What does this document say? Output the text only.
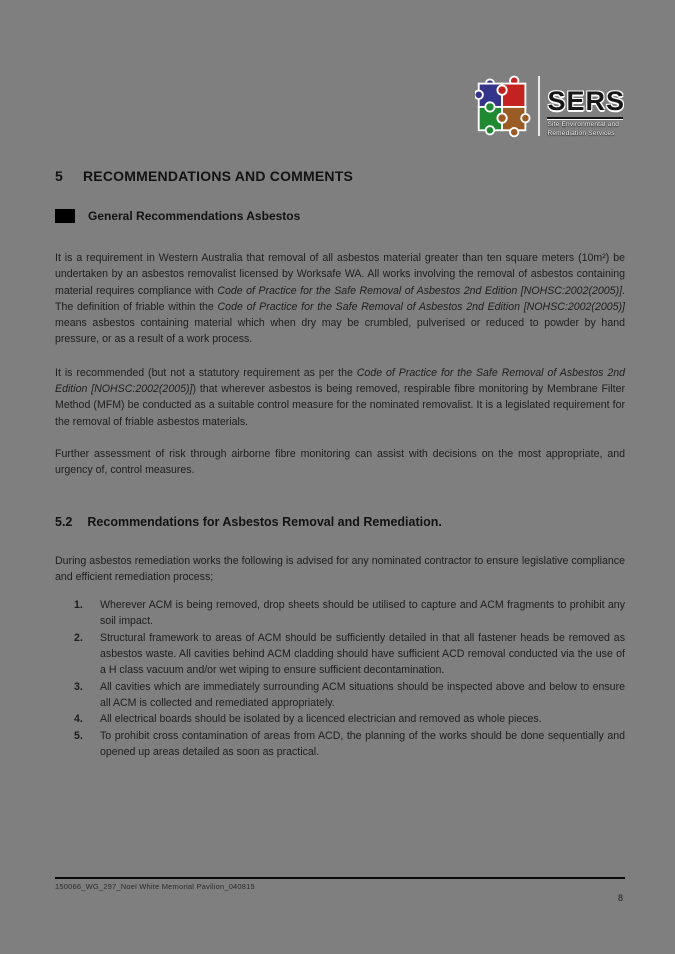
SERS
Site Environmental and
Remediation Services
5 RECOMMENDATIONS AND COMMENTS
General Recommendations Asbestos
It is a requirement in Western Australia that removal of all asbestos material greater than ten square meters (10m²) be undertaken by an asbestos removalist licensed by Worksafe WA. All works involving the removal of asbestos containing material requires compliance with Code of Practice for the Safe Removal of Asbestos 2nd Edition [NOHSC:2002(2005)]. The definition of friable within the Code of Practice for the Safe Removal of Asbestos 2nd Edition [NOHSC:2002(2005)] means asbestos containing material which when dry may be crumbled, pulverised or reduced to powder by hand pressure, or as a result of a work process.
It is recommended (but not a statutory requirement as per the Code of Practice for the Safe Removal of Asbestos 2nd Edition [NOHSC:2002(2005)]) that wherever asbestos is being removed, respirable fibre monitoring by Membrane Filter Method (MFM) be conducted as a suitable control measure for the nominated removalist. It is a legislated requirement for the removal of friable asbestos materials.
Further assessment of risk through airborne fibre monitoring can assist with decisions on the most appropriate, and urgency of, control measures.
5.2 Recommendations for Asbestos Removal and Remediation.
During asbestos remediation works the following is advised for any nominated contractor to ensure legislative compliance and efficient remediation process;
1.	Wherever ACM is being removed, drop sheets should be utilised to capture and ACM fragments to prohibit any soil impact.
2.	Structural framework to areas of ACM should be sufficiently detailed in that all fastener heads be removed as asbestos waste. All cavities behind ACM cladding should have sufficient ACD removal conducted via the use of a H class vacuum and/or wet wiping to ensure sufficient decontamination.
3.	All cavities which are immediately surrounding ACM situations should be inspected above and below to ensure all ACM is collected and remediated appropriately.
4.	All electrical boards should be isolated by a licenced electrician and removed as whole pieces.
5.	To prohibit cross contamination of areas from ACD, the planning of the works should be done sequentially and opened up areas detailed as soon as practical.
150066_WG_297_Noel White Memorial Pavilion_040815
8
